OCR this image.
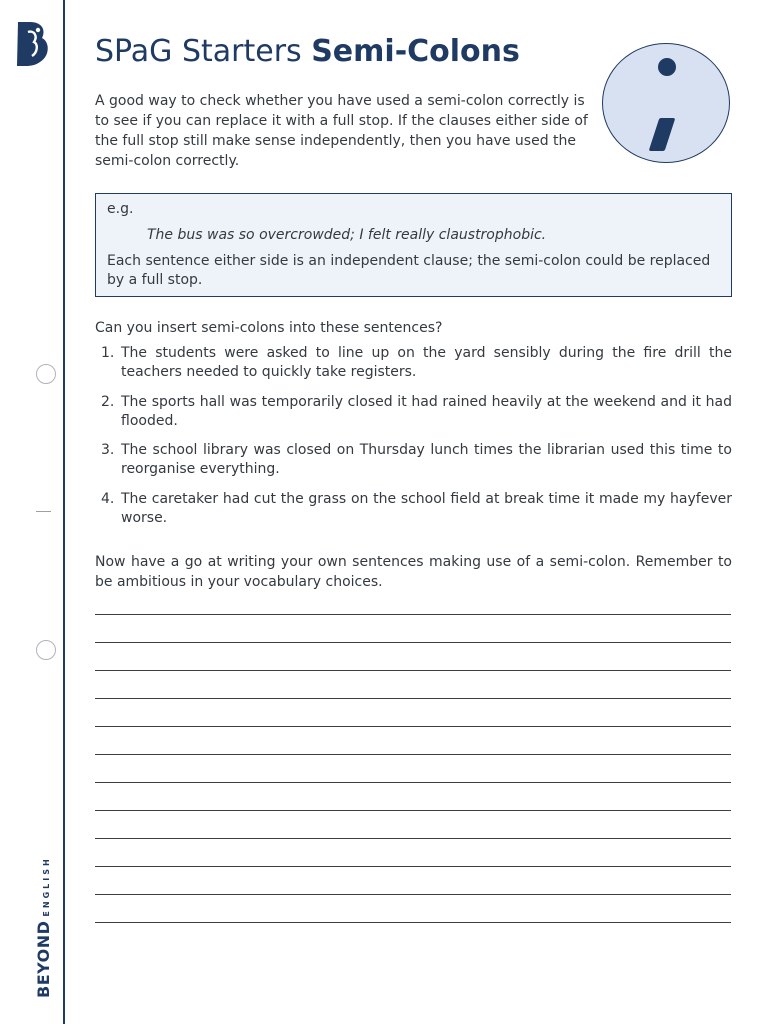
BEYONDENGLISH
SPaG Starters Semi-Colons
A good way to check whether you have used a semi-colon correctly is to see if you can replace it with a full stop. If the clauses either side of the full stop still make sense independently, then you have used the semi-colon correctly.
e.g.
The bus was so overcrowded; I felt really claustrophobic.
Each sentence either side is an independent clause; the semi-colon could be replaced by a full stop.
Can you insert semi-colons into these sentences?
1. The students were asked to line up on the yard sensibly during the fire drill the teachers needed to quickly take registers.
2. The sports hall was temporarily closed it had rained heavily at the weekend and it had flooded.
3. The school library was closed on Thursday lunch times the librarian used this time to reorganise everything.
4. The caretaker had cut the grass on the school field at break time it made my hayfever worse.
Now have a go at writing your own sentences making use of a semi-colon. Remember to be ambitious in your vocabulary choices.
